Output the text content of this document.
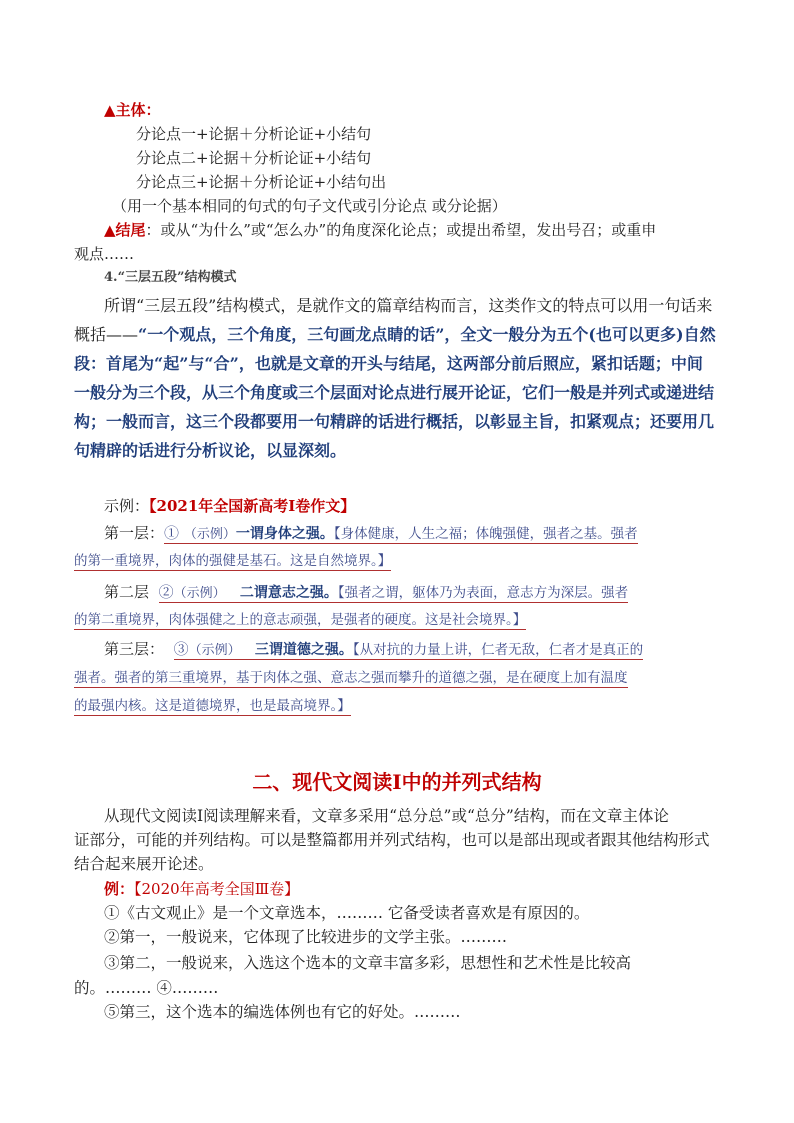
▲主体：
分论点一+论据＋分析论证+小结句
分论点二+论据＋分析论证+小结句
分论点三+论据＋分析论证+小结句出
（用一个基本相同的句式的句子文代或引分论点 或分论据）
▲结尾：或从“为什么”或“怎么办”的角度深化论点；或提出希望，发出号召；或重申
观点……
4.“三层五段”结构模式
所谓“三层五段”结构模式，是就作文的篇章结构而言，这类作文的特点可以用一句话来
概括——“一个观点，三个角度，三句画龙点睛的话”，全文一般分为五个(也可以更多)自然
段：首尾为“起”与“合”，也就是文章的开头与结尾，这两部分前后照应，紧扣话题；中间
一般分为三个段，从三个角度或三个层面对论点进行展开论证，它们一般是并列式或递进结
构；一般而言，这三个段都要用一句精辟的话进行概括，以彰显主旨，扣紧观点；还要用几
句精辟的话进行分析议论，以显深刻。
示例：【2021年全国新高考Ⅰ卷作文】
第一层：① （示例）一谓身体之强。【身体健康，人生之福；体魄强健，强者之基。强者
的第一重境界，肉体的强健是基石。这是自然境界。】
第二层 ②（示例） 二谓意志之强。【强者之谓，躯体乃为表面，意志方为深层。强者
的第二重境界，肉体强健之上的意志顽强，是强者的硬度。这是社会境界。】
第三层： ③（示例） 三谓道德之强。【从对抗的力量上讲，仁者无敌，仁者才是真正的
强者。强者的第三重境界，基于肉体之强、意志之强而攀升的道德之强，是在硬度上加有温度
的最强内核。这是道德境界，也是最高境界。】
二、现代文阅读Ⅰ中的并列式结构
从现代文阅读Ⅰ阅读理解来看，文章多采用“总分总”或“总分”结构，而在文章主体论
证部分，可能的并列结构。可以是整篇都用并列式结构，也可以是部出现或者跟其他结构形式
结合起来展开论述。
例：【2020年高考全国Ⅲ卷】
①《古文观止》是一个文章选本，……… 它备受读者喜欢是有原因的。
②第一，一般说来，它体现了比较进步的文学主张。………
③第二，一般说来，入选这个选本的文章丰富多彩，思想性和艺术性是比较高
的。……… ④………
⑤第三，这个选本的编选体例也有它的好处。………
